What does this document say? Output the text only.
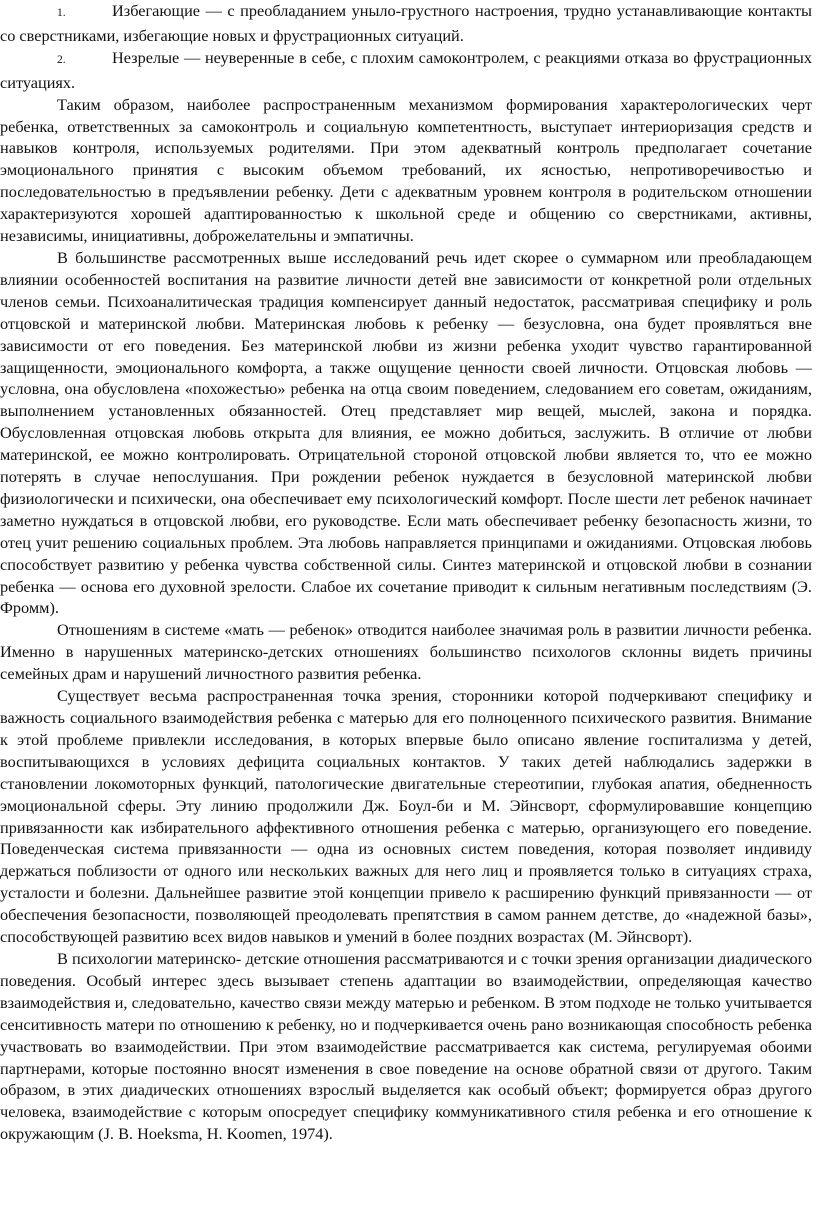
1.	Избегающие — с преобладанием уныло-грустного настроения, трудно устанавливающие контакты со сверстниками, избегающие новых и фрустрационных ситуаций.

2.	Незрелые — неуверенные в себе, с плохим самоконтролем, с реакциями отказа во фрустрационных ситуациях.

Таким образом, наиболее распространенным механизмом формирования характерологических черт ребенка, ответственных за самоконтроль и социальную компетентность, выступает интериоризация средств и навыков контроля, используемых родителями. При этом адекватный контроль предполагает сочетание эмоционального принятия с высоким объемом требований, их ясностью, непротиворечивостью и последовательностью в предъявлении ребенку. Дети с адекватным уровнем контроля в родительском отношении характеризуются хорошей адаптированностью к школьной среде и общению со сверстниками, активны, независимы, инициативны, доброжелательны и эмпатичны.

В большинстве рассмотренных выше исследований речь идет скорее о суммарном или преобладающем влиянии особенностей воспитания на развитие личности детей вне зависимости от конкретной роли отдельных членов семьи. Психоаналитическая традиция компенсирует данный недостаток, рассматривая специфику и роль отцовской и материнской любви. Материнская любовь к ребенку — безусловна, она будет проявляться вне зависимости от его поведения. Без материнской любви из жизни ребенка уходит чувство гарантированной защищенности, эмоционального комфорта, а также ощущение ценности своей личности. Отцовская любовь — условна, она обусловлена «похожестью» ребенка на отца своим поведением, следованием его советам, ожиданиям, выполнением установленных обязанностей. Отец представляет мир вещей, мыслей, закона и порядка. Обусловленная отцовская любовь открыта для влияния, ее можно добиться, заслужить. В отличие от любви материнской, ее можно контролировать. Отрицательной стороной отцовской любви является то, что ее можно потерять в случае непослушания. При рождении ребенок нуждается в безусловной материнской любви физиологически и психически, она обеспечивает ему психологический комфорт. После шести лет ребенок начинает заметно нуждаться в отцовской любви, его руководстве. Если мать обеспечивает ребенку безопасность жизни, то отец учит решению социальных проблем. Эта любовь направляется принципами и ожиданиями. Отцовская любовь способствует развитию у ребенка чувства собственной силы. Синтез материнской и отцовской любви в сознании ребенка — основа его духовной зрелости. Слабое их сочетание приводит к сильным негативным последствиям (Э. Фромм).

Отношениям в системе «мать — ребенок» отводится наиболее значимая роль в развитии личности ребенка. Именно в нарушенных материнско-детских отношениях большинство психологов склонны видеть причины семейных драм и нарушений личностного развития ребенка.

Существует весьма распространенная точка зрения, сторонники которой подчеркивают специфику и важность социального взаимодействия ребенка с матерью для его полноценного психического развития. Внимание к этой проблеме привлекли исследования, в которых впервые было описано явление госпитализма у детей, воспитывающихся в условиях дефицита социальных контактов. У таких детей наблюдались задержки в становлении локомоторных функций, патологические двигательные стереотипии, глубокая апатия, обедненность эмоциональной сферы. Эту линию продолжили Дж. Боул-би и М. Эйнсворт, сформулировавшие концепцию привязанности как избирательного аффективного отношения ребенка с матерью, организующего его поведение. Поведенческая система привязанности — одна из основных систем поведения, которая позволяет индивиду держаться поблизости от одного или нескольких важных для него лиц и проявляется только в ситуациях страха, усталости и болезни. Дальнейшее развитие этой концепции привело к расширению функций привязанности — от обеспечения безопасности, позволяющей преодолевать препятствия в самом раннем детстве, до «надежной базы», способствующей развитию всех видов навыков и умений в более поздних возрастах (М. Эйнсворт).

В психологии материнско- детские отношения рассматриваются и с точки зрения организации диадического поведения. Особый интерес здесь вызывает степень адаптации во взаимодействии, определяющая качество взаимодействия и, следовательно, качество связи между матерью и ребенком. В этом подходе не только учитывается сенситивность матери по отношению к ребенку, но и подчеркивается очень рано возникающая способность ребенка участвовать во взаимодействии. При этом взаимодействие рассматривается как система, регулируемая обоими партнерами, которые постоянно вносят изменения в свое поведение на основе обратной связи от другого. Таким образом, в этих диадических отношениях взрослый выделяется как особый объект; формируется образ другого человека, взаимодействие с которым опосредует специфику коммуникативного стиля ребенка и его отношение к окружающим (J. B. Hoeksma, H. Koomen, 1974).
